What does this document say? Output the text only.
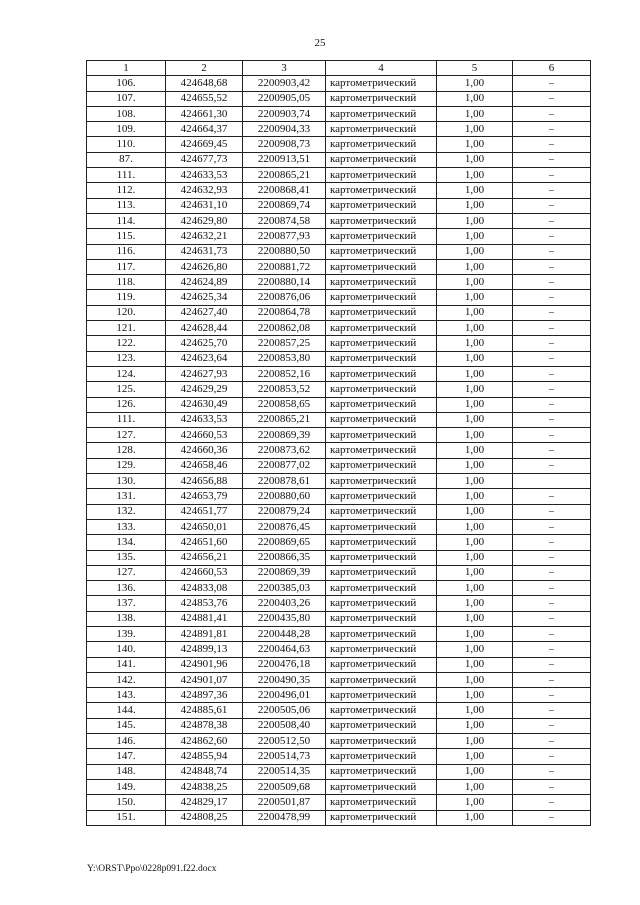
25
1	2	3	4	5	6
106.	424648,68	2200903,42	картометрический	1,00	–
107.	424655,52	2200905,05	картометрический	1,00	–
108.	424661,30	2200903,74	картометрический	1,00	–
109.	424664,37	2200904,33	картометрический	1,00	–
110.	424669,45	2200908,73	картометрический	1,00	–
87.	424677,73	2200913,51	картометрический	1,00	–
111.	424633,53	2200865,21	картометрический	1,00	–
112.	424632,93	2200868,41	картометрический	1,00	–
113.	424631,10	2200869,74	картометрический	1,00	–
114.	424629,80	2200874,58	картометрический	1,00	–
115.	424632,21	2200877,93	картометрический	1,00	–
116.	424631,73	2200880,50	картометрический	1,00	–
117.	424626,80	2200881,72	картометрический	1,00	–
118.	424624,89	2200880,14	картометрический	1,00	–
119.	424625,34	2200876,06	картометрический	1,00	–
120.	424627,40	2200864,78	картометрический	1,00	–
121.	424628,44	2200862,08	картометрический	1,00	–
122.	424625,70	2200857,25	картометрический	1,00	–
123.	424623,64	2200853,80	картометрический	1,00	–
124.	424627,93	2200852,16	картометрический	1,00	–
125.	424629,29	2200853,52	картометрический	1,00	–
126.	424630,49	2200858,65	картометрический	1,00	–
111.	424633,53	2200865,21	картометрический	1,00	–
127.	424660,53	2200869,39	картометрический	1,00	–
128.	424660,36	2200873,62	картометрический	1,00	–
129.	424658,46	2200877,02	картометрический	1,00	–
130.	424656,88	2200878,61	картометрический	1,00	
131.	424653,79	2200880,60	картометрический	1,00	–
132.	424651,77	2200879,24	картометрический	1,00	–
133.	424650,01	2200876,45	картометрический	1,00	–
134.	424651,60	2200869,65	картометрический	1,00	–
135.	424656,21	2200866,35	картометрический	1,00	–
127.	424660,53	2200869,39	картометрический	1,00	–
136.	424833,08	2200385,03	картометрический	1,00	–
137.	424853,76	2200403,26	картометрический	1,00	–
138.	424881,41	2200435,80	картометрический	1,00	–
139.	424891,81	2200448,28	картометрический	1,00	–
140.	424899,13	2200464,63	картометрический	1,00	–
141.	424901,96	2200476,18	картометрический	1,00	–
142.	424901,07	2200490,35	картометрический	1,00	–
143.	424897,36	2200496,01	картометрический	1,00	–
144.	424885,61	2200505,06	картометрический	1,00	–
145.	424878,38	2200508,40	картометрический	1,00	–
146.	424862,60	2200512,50	картометрический	1,00	–
147.	424855,94	2200514,73	картометрический	1,00	–
148.	424848,74	2200514,35	картометрический	1,00	–
149.	424838,25	2200509,68	картометрический	1,00	–
150.	424829,17	2200501,87	картометрический	1,00	–
151.	424808,25	2200478,99	картометрический	1,00	–
Y:\ORST\Ppo\0228p091.f22.docx
